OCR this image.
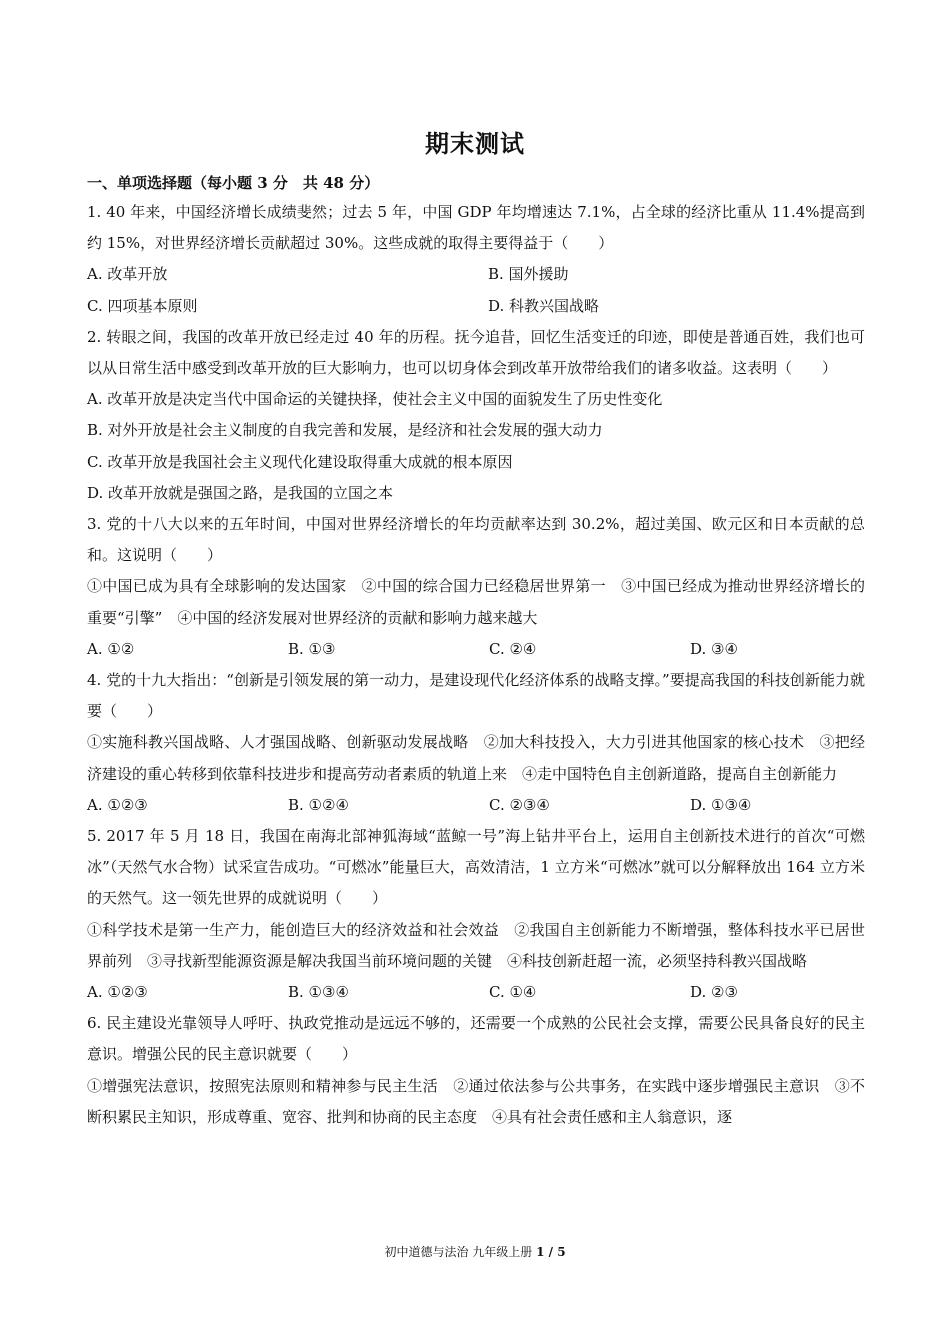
期末测试
一、单项选择题（每小题 3 分　共 48 分）

1. 40 年来，中国经济增长成绩斐然；过去 5 年，中国 GDP 年均增速达 7.1%，占全球的经济比重从 11.4%提高到约 15%，对世界经济增长贡献超过 30%。这些成就的取得主要得益于（　　）

A. 改革开放	B. 国外援助
C. 四项基本原则	D. 科教兴国战略

2. 转眼之间，我国的改革开放已经走过 40 年的历程。抚今追昔，回忆生活变迁的印迹，即使是普通百姓，我们也可以从日常生活中感受到改革开放的巨大影响力，也可以切身体会到改革开放带给我们的诸多收益。这表明（　　）

A. 改革开放是决定当代中国命运的关键抉择，使社会主义中国的面貌发生了历史性变化

B. 对外开放是社会主义制度的自我完善和发展，是经济和社会发展的强大动力

C. 改革开放是我国社会主义现代化建设取得重大成就的根本原因

D. 改革开放就是强国之路，是我国的立国之本

3. 党的十八大以来的五年时间，中国对世界经济增长的年均贡献率达到 30.2%，超过美国、欧元区和日本贡献的总和。这说明（　　）

①中国已成为具有全球影响的发达国家　②中国的综合国力已经稳居世界第一　③中国已经成为推动世界经济增长的重要“引擎”　④中国的经济发展对世界经济的贡献和影响力越来越大

A. ①②	B. ①③	C. ②④	D. ③④

4. 党的十九大指出：“创新是引领发展的第一动力，是建设现代化经济体系的战略支撑。”要提高我国的科技创新能力就要（　　）

①实施科教兴国战略、人才强国战略、创新驱动发展战略　②加大科技投入，大力引进其他国家的核心技术　③把经济建设的重心转移到依靠科技进步和提高劳动者素质的轨道上来　④走中国特色自主创新道路，提高自主创新能力

A. ①②③	B. ①②④	C. ②③④	D. ①③④

5. 2017 年 5 月 18 日，我国在南海北部神狐海域“蓝鲸一号”海上钻井平台上，运用自主创新技术进行的首次“可燃冰”（天然气水合物）试采宣告成功。“可燃冰”能量巨大，高效清洁，1 立方米“可燃冰”就可以分解释放出 164 立方米的天然气。这一领先世界的成就说明（　　）

①科学技术是第一生产力，能创造巨大的经济效益和社会效益　②我国自主创新能力不断增强，整体科技水平已居世界前列　③寻找新型能源资源是解决我国当前环境问题的关键　④科技创新赶超一流，必须坚持科教兴国战略

A. ①②③	B. ①③④	C. ①④	D. ②③

6. 民主建设光靠领导人呼吁、执政党推动是远远不够的，还需要一个成熟的公民社会支撑，需要公民具备良好的民主意识。增强公民的民主意识就要（　　）

①增强宪法意识，按照宪法原则和精神参与民主生活　②通过依法参与公共事务，在实践中逐步增强民主意识　③不断积累民主知识，形成尊重、宽容、批判和协商的民主态度　④具有社会责任感和主人翁意识，逐

初中道德与法治 九年级上册 1 / 5
